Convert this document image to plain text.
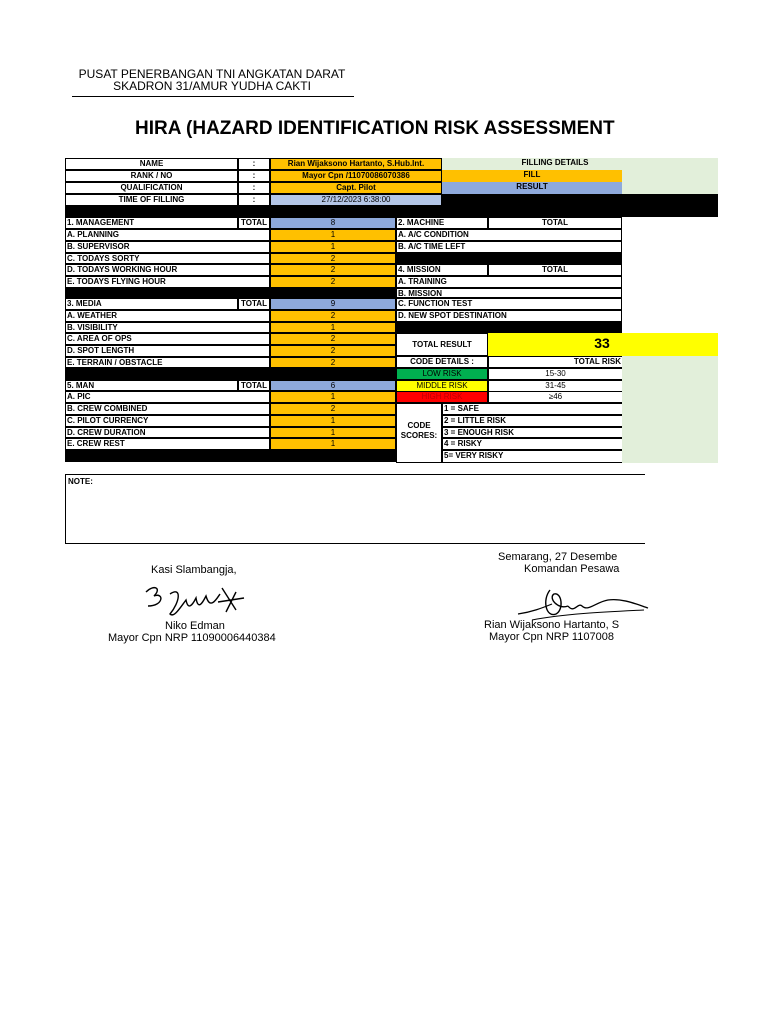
PUSAT PENERBANGAN TNI ANGKATAN DARAT
SKADRON 31/AMUR YUDHA CAKTI
HIRA (HAZARD IDENTIFICATION RISK ASSESSMENT
NAME	:	Rian Wijaksono Hartanto, S.Hub.Int.
RANK / NO	:	Mayor Cpn /11070086070386
QUALIFICATION	:	Capt. Pilot
TIME OF FILLING	:	27/12/2023 6:38:00
FILLING DETAILS
FILL
RESULT
1. MANAGEMENT	TOTAL	8
A. PLANNING	1
B. SUPERVISOR	1
C. TODAYS SORTY	2
D. TODAYS WORKING HOUR	2
E. TODAYS FLYING HOUR	2
2. MACHINE	TOTAL
A. A/C CONDITION
B. A/C TIME LEFT
4. MISSION	TOTAL
A. TRAINING
B. MISSION
C. FUNCTION TEST
D. NEW SPOT DESTINATION
3. MEDIA	TOTAL	9
A. WEATHER	2
B. VISIBILITY	1
C. AREA OF OPS	2
D. SPOT LENGTH	2
E. TERRAIN / OBSTACLE	2
TOTAL RESULT	33
CODE DETAILS :	TOTAL RISK
LOW RISK	15-30
MIDDLE RISK	31-45
HIGH RISK	≥46
5. MAN	TOTAL	6
A. PIC	1
B. CREW COMBINED	2
C. PILOT CURRENCY	1
D. CREW DURATION	1
E. CREW REST	1
CODE
SCORES:
1 = SAFE
2 = LITTLE RISK
3 = ENOUGH RISK
4 = RISKY
5= VERY RISKY
NOTE:
Kasi Slambangja,
Niko Edman
Mayor Cpn NRP 11090006440384
Semarang, 27 Desembe
Komandan Pesawa
Rian Wijaksono Hartanto, S
Mayor Cpn NRP 1107008
